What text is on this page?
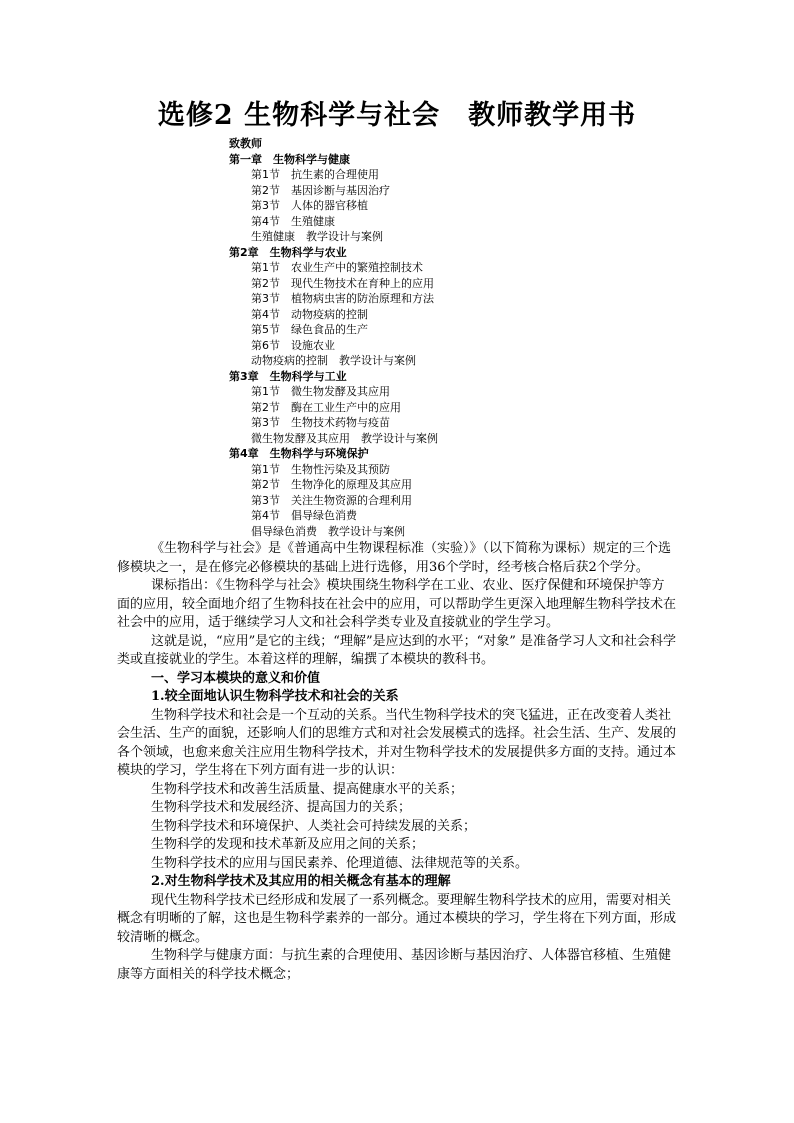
选修2 生物科学与社会　教师教学用书
致教师
第一章　生物科学与健康
第1节　抗生素的合理使用
第2节　基因诊断与基因治疗
第3节　人体的器官移植
第4节　生殖健康
生殖健康　教学设计与案例
第2章　生物科学与农业
第1节　农业生产中的繁殖控制技术
第2节　现代生物技术在育种上的应用
第3节　植物病虫害的防治原理和方法
第4节　动物疫病的控制
第5节　绿色食品的生产
第6节　设施农业
动物疫病的控制　教学设计与案例
第3章　生物科学与工业
第1节　微生物发酵及其应用
第2节　酶在工业生产中的应用
第3节　生物技术药物与疫苗
微生物发酵及其应用　教学设计与案例
第4章　生物科学与环境保护
第1节　生物性污染及其预防
第2节　生物净化的原理及其应用
第3节　关注生物资源的合理利用
第4节　倡导绿色消费
倡导绿色消费　教学设计与案例

《生物科学与社会》是《普通高中生物课程标准（实验）》（以下简称为课标）规定的三个选修模块之一，是在修完必修模块的基础上进行选修，用36个学时，经考核合格后获2个学分。

课标指出：《生物科学与社会》模块围绕生物科学在工业、农业、医疗保健和环境保护等方面的应用，较全面地介绍了生物科技在社会中的应用，可以帮助学生更深入地理解生物科学技术在社会中的应用，适于继续学习人文和社会科学类专业及直接就业的学生学习。

这就是说，“应用”是它的主线；“理解”是应达到的水平；“对象” 是准备学习人文和社会科学类或直接就业的学生。本着这样的理解，编撰了本模块的教科书。

一、学习本模块的意义和价值

1.较全面地认识生物科学技术和社会的关系

生物科学技术和社会是一个互动的关系。当代生物科学技术的突飞猛进，正在改变着人类社会生活、生产的面貌，还影响人们的思维方式和对社会发展模式的选择。社会生活、生产、发展的各个领域，也愈来愈关注应用生物科学技术，并对生物科学技术的发展提供多方面的支持。通过本模块的学习，学生将在下列方面有进一步的认识：

生物科学技术和改善生活质量、提高健康水平的关系；

生物科学技术和发展经济、提高国力的关系；

生物科学技术和环境保护、人类社会可持续发展的关系；

生物科学的发现和技术革新及应用之间的关系；

生物科学技术的应用与国民素养、伦理道德、法律规范等的关系。

2.对生物科学技术及其应用的相关概念有基本的理解

现代生物科学技术已经形成和发展了一系列概念。要理解生物科学技术的应用，需要对相关概念有明晰的了解，这也是生物科学素养的一部分。通过本模块的学习，学生将在下列方面，形成较清晰的概念。

生物科学与健康方面：与抗生素的合理使用、基因诊断与基因治疗、人体器官移植、生殖健康等方面相关的科学技术概念；
